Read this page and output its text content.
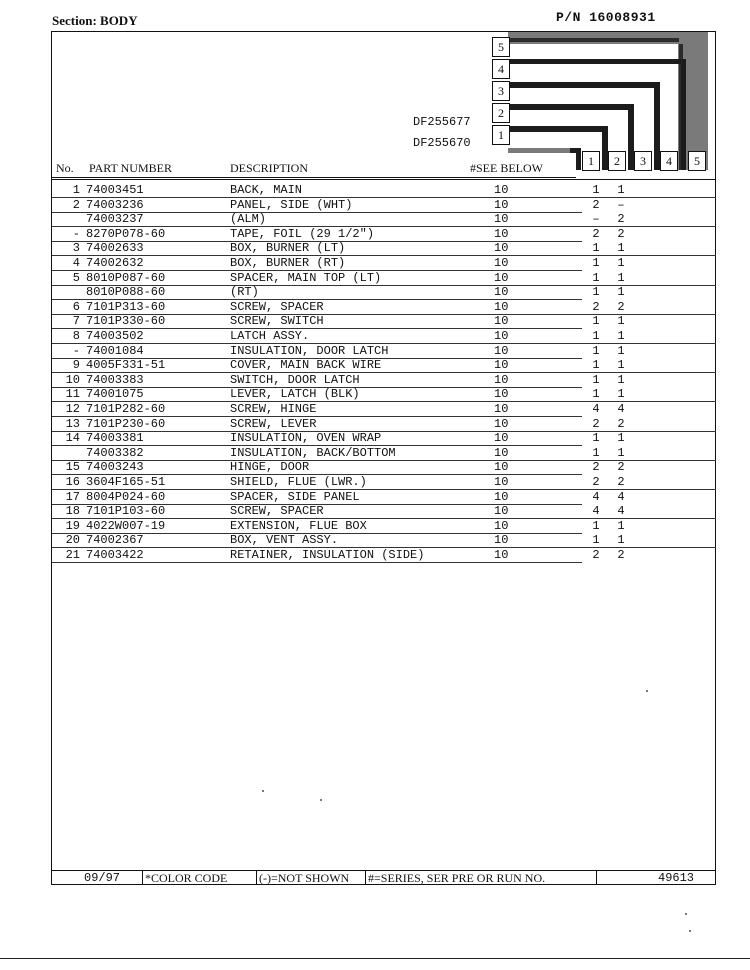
Section: BODY	P/N 16008931
5
4
3
2
1
1	2	3	4	5
DF255677
DF255670
No. PART NUMBER	DESCRIPTION	#SEE BELOW
1 74003451	BACK, MAIN	10	1	1
2 74003236	PANEL, SIDE (WHT)	10	2	–
74003237	(ALM)	10	–	2
- 8270P078-60	TAPE, FOIL (29 1/2")	10	2	2
3 74002633	BOX, BURNER (LT)	10	1	1
4 74002632	BOX, BURNER (RT)	10	1	1
5 8010P087-60	SPACER, MAIN TOP (LT)	10	1	1
8010P088-60	(RT)	10	1	1
6 7101P313-60	SCREW, SPACER	10	2	2
7 7101P330-60	SCREW, SWITCH	10	1	1
8 74003502	LATCH ASSY.	10	1	1
- 74001084	INSULATION, DOOR LATCH	10	1	1
9 4005F331-51	COVER, MAIN BACK WIRE	10	1	1
10 74003383	SWITCH, DOOR LATCH	10	1	1
11 74001075	LEVER, LATCH (BLK)	10	1	1
12 7101P282-60	SCREW, HINGE	10	4	4
13 7101P230-60	SCREW, LEVER	10	2	2
14 74003381	INSULATION, OVEN WRAP	10	1	1
74003382	INSULATION, BACK/BOTTOM	10	1	1
15 74003243	HINGE, DOOR	10	2	2
16 3604F165-51	SHIELD, FLUE (LWR.)	10	2	2
17 8004P024-60	SPACER, SIDE PANEL	10	4	4
18 7101P103-60	SCREW, SPACER	10	4	4
19 4022W007-19	EXTENSION, FLUE BOX	10	1	1
20 74002367	BOX, VENT ASSY.	10	1	1
21 74003422	RETAINER, INSULATION (SIDE)	10	2	2
09/97 *COLOR CODE	(-)=NOT SHOWN #=SERIES, SER PRE OR RUN NO.	49613
